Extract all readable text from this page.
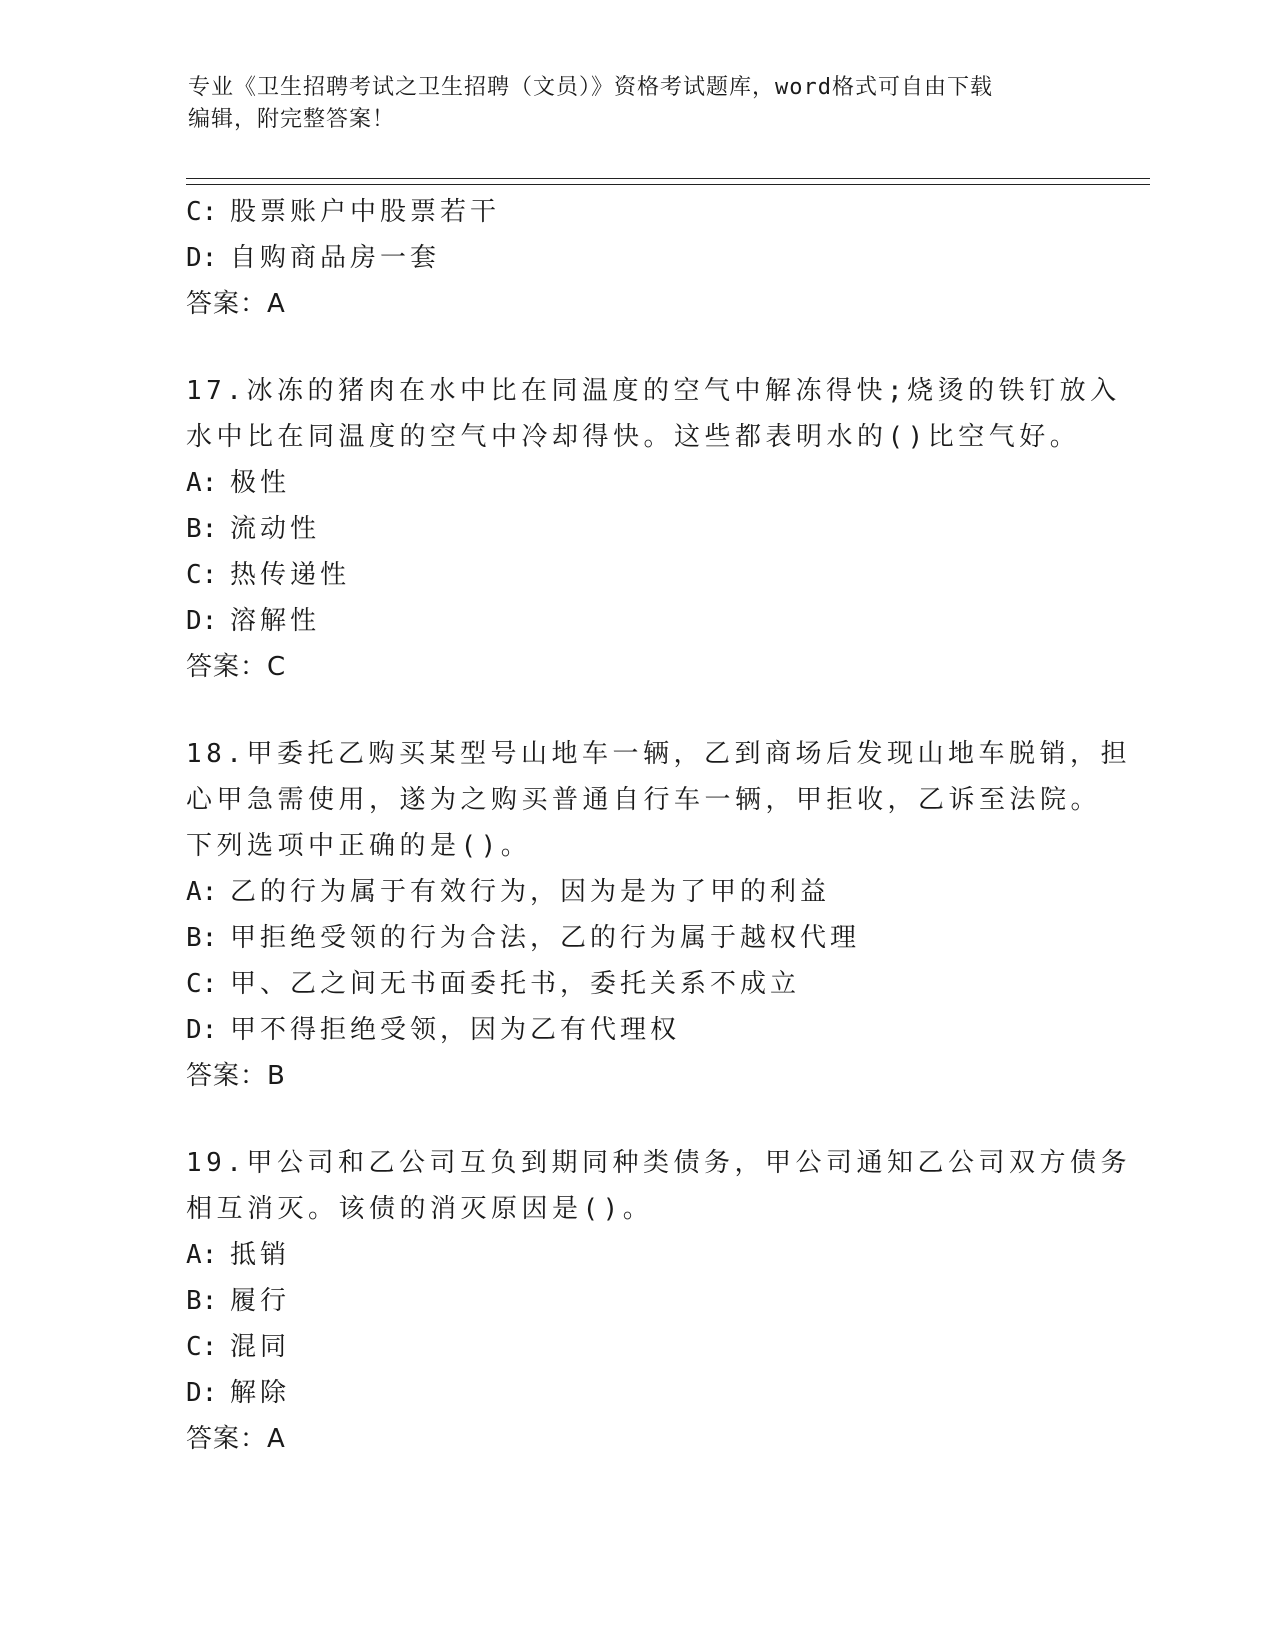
专业《卫生招聘考试之卫生招聘（文员）》资格考试题库，word格式可自由下载
编辑，附完整答案！
C: 股票账户中股票若干
D: 自购商品房一套
答案：A
17.冰冻的猪肉在水中比在同温度的空气中解冻得快;烧烫的铁钉放入
水中比在同温度的空气中冷却得快。这些都表明水的()比空气好。
A: 极性
B: 流动性
C: 热传递性
D: 溶解性
答案：C
18.甲委托乙购买某型号山地车一辆，乙到商场后发现山地车脱销，担
心甲急需使用，遂为之购买普通自行车一辆，甲拒收，乙诉至法院。
下列选项中正确的是()。
A: 乙的行为属于有效行为，因为是为了甲的利益
B: 甲拒绝受领的行为合法，乙的行为属于越权代理
C: 甲、乙之间无书面委托书，委托关系不成立
D: 甲不得拒绝受领，因为乙有代理权
答案：B
19.甲公司和乙公司互负到期同种类债务，甲公司通知乙公司双方债务
相互消灭。该债的消灭原因是()。
A: 抵销
B: 履行
C: 混同
D: 解除
答案：A
